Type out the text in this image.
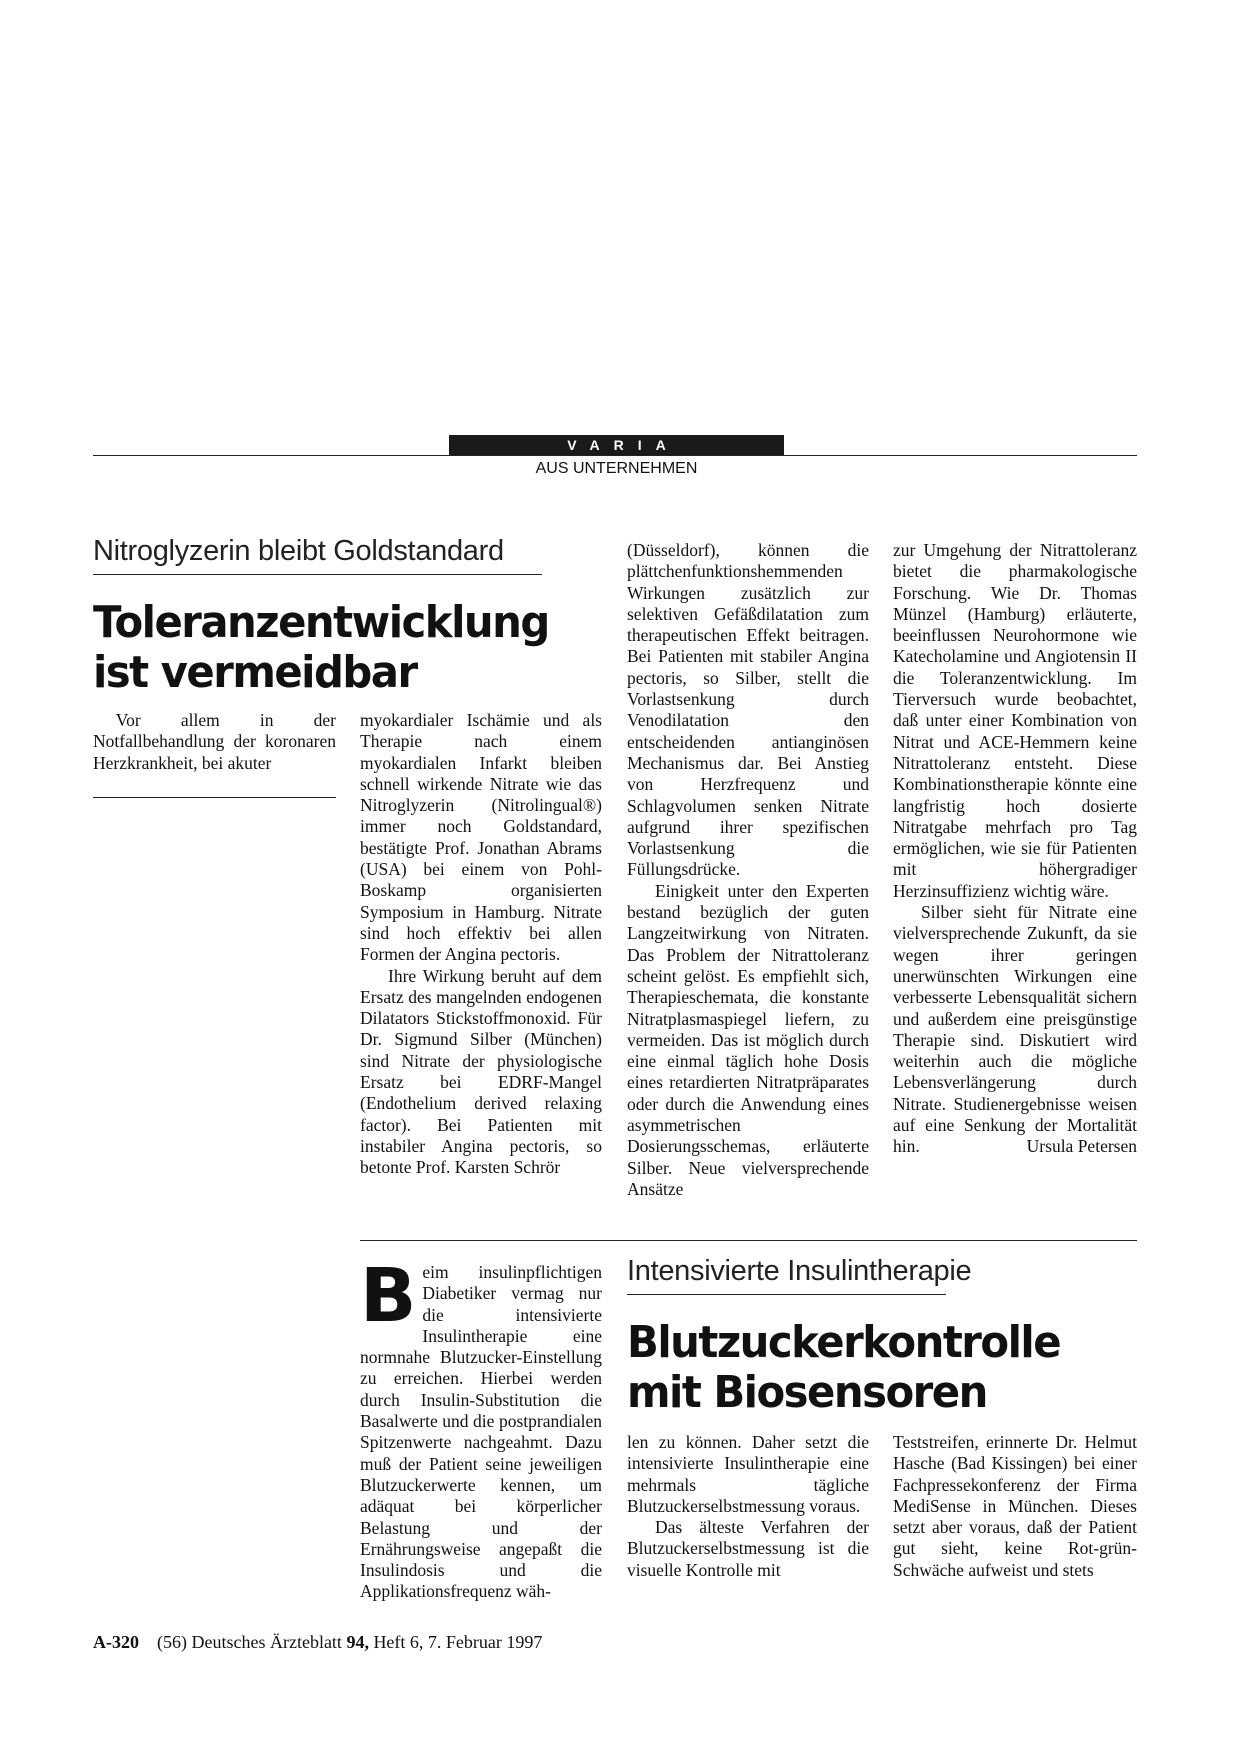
VARIA
AUS UNTERNEHMEN
Nitroglyzerin bleibt Goldstandard
Toleranzentwicklung
ist vermeidbar

Vor allem in der Notfallbehandlung der koronaren Herzkrankheit, bei akuter

myokardialer Ischämie und als Therapie nach einem myokardialen Infarkt bleiben schnell wirkende Nitrate wie das Nitroglyzerin (Nitrolingual®) immer noch Goldstandard, bestätigte Prof. Jonathan Abrams (USA) bei einem von Pohl-Boskamp organisierten Symposium in Hamburg. Nitrate sind hoch effektiv bei allen Formen der Angina pectoris.

Ihre Wirkung beruht auf dem Ersatz des mangelnden endogenen Dilatators Stickstoffmonoxid. Für Dr. Sigmund Silber (München) sind Nitrate der physiologische Ersatz bei EDRF-Mangel (Endothelium derived relaxing factor). Bei Patienten mit instabiler Angina pectoris, so betonte Prof. Karsten Schrör

(Düsseldorf), können die plättchenfunktionshemmenden Wirkungen zusätzlich zur selektiven Gefäßdilatation zum therapeutischen Effekt beitragen. Bei Patienten mit stabiler Angina pectoris, so Silber, stellt die Vorlastsenkung durch Venodilatation den entscheidenden antianginösen Mechanismus dar. Bei Anstieg von Herzfrequenz und Schlagvolumen senken Nitrate aufgrund ihrer spezifischen Vorlastsenkung die Füllungsdrücke.

Einigkeit unter den Experten bestand bezüglich der guten Langzeitwirkung von Nitraten. Das Problem der Nitrattoleranz scheint gelöst. Es empfiehlt sich, Therapieschemata, die konstante Nitratplasmaspiegel liefern, zu vermeiden. Das ist möglich durch eine einmal täglich hohe Dosis eines retardierten Nitratpräparates oder durch die Anwendung eines asymmetrischen Dosierungsschemas, erläuterte Silber. Neue vielversprechende Ansätze

zur Umgehung der Nitrattoleranz bietet die pharmakologische Forschung. Wie Dr. Thomas Münzel (Hamburg) erläuterte, beeinflussen Neurohormone wie Katecholamine und Angiotensin II die Toleranzentwicklung. Im Tierversuch wurde beobachtet, daß unter einer Kombination von Nitrat und ACE-Hemmern keine Nitrattoleranz entsteht. Diese Kombinationstherapie könnte eine langfristig hoch dosierte Nitratgabe mehrfach pro Tag ermöglichen, wie sie für Patienten mit höhergradiger Herzinsuffizienz wichtig wäre.

Silber sieht für Nitrate eine vielversprechende Zukunft, da sie wegen ihrer geringen unerwünschten Wirkungen eine verbesserte Lebensqualität sichern und außerdem eine preisgünstige Therapie sind. Diskutiert wird weiterhin auch die mögliche Lebensverlängerung durch Nitrate. Studienergebnisse weisen auf eine Senkung der Mortalität hin.	Ursula Petersen

Beim insulinpflichtigen Diabetiker vermag nur die intensivierte Insulintherapie eine normnahe Blutzucker-Einstellung zu erreichen. Hierbei werden durch Insulin-Substitution die Basalwerte und die postprandialen Spitzenwerte nachgeahmt. Dazu muß der Patient seine jeweiligen Blutzuckerwerte kennen, um adäquat bei körperlicher Belastung und der Ernährungsweise angepaßt die Insulindosis und die Applikationsfrequenz wäh-

Intensivierte Insulintherapie
Blutzuckerkontrolle
mit Biosensoren

len zu können. Daher setzt die intensivierte Insulintherapie eine mehrmals tägliche Blutzuckerselbstmessung voraus.

Das älteste Verfahren der Blutzuckerselbstmessung ist die visuelle Kontrolle mit

Teststreifen, erinnerte Dr. Helmut Hasche (Bad Kissingen) bei einer Fachpressekonferenz der Firma MediSense in München. Dieses setzt aber voraus, daß der Patient gut sieht, keine Rot-grün-Schwäche aufweist und stets

A-320 (56) Deutsches Ärzteblatt 94, Heft 6, 7. Februar 1997
